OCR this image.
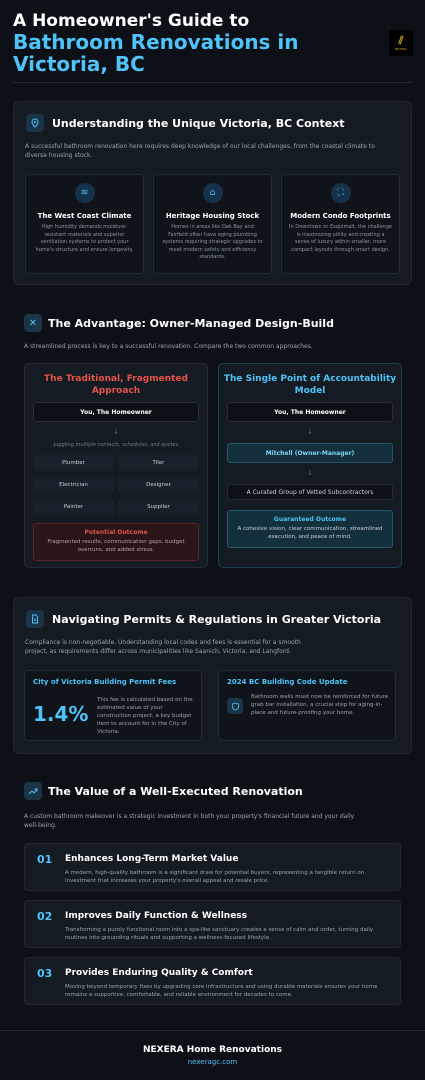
A Homeowner's Guide to
Bathroom Renovations in
Victoria, BC
⫽
NEXERA
Understanding the Unique Victoria, BC Context
A successful bathroom renovation here requires deep knowledge of our local challenges, from the coastal climate to diverse housing stock.
≋
The West Coast Climate
High humidity demands moisture-resistant materials and superior ventilation systems to protect your home's structure and ensure longevity.
⌂
Heritage Housing Stock
Homes in areas like Oak Bay and Fairfield often have aging plumbing systems requiring strategic upgrades to meet modern safety and efficiency standards.
⛶
Modern Condo Footprints
In Downtown or Esquimalt, the challenge is maximizing utility and creating a sense of luxury within smaller, more compact layouts through smart design.
✕ The Advantage: Owner-Managed Design-Build
A streamlined process is key to a successful renovation. Compare the two common approaches.
The Traditional, Fragmented
Approach
You, The Homeowner
↓
Juggling multiple contacts, schedules, and quotes
Plumber	Tiler
Electrician	Designer
Painter	Supplier
Potential Outcome
Fragmented results, communication gaps, budget overruns, and added stress.
The Single Point of Accountability
Model
You, The Homeowner
↓
Mitchell (Owner-Manager)
↓
A Curated Group of Vetted Subcontractors
Guaranteed Outcome
A cohesive vision, clear communication, streamlined execution, and peace of mind.
Navigating Permits & Regulations in Greater Victoria
Compliance is non-negotiable. Understanding local codes and fees is essential for a smooth project, as requirements differ across municipalities like Saanich, Victoria, and Langford.
City of Victoria Building Permit Fees
1.4%
This fee is calculated based on the estimated value of your construction project, a key budget item to account for in the City of Victoria.
2024 BC Building Code Update
Bathroom walls must now be reinforced for future grab bar installation, a crucial step for aging-in-place and future-proofing your home.
The Value of a Well-Executed Renovation
A custom bathroom makeover is a strategic investment in both your property's financial future and your daily well-being.
01 Enhances Long-Term Market Value
A modern, high-quality bathroom is a significant draw for potential buyers, representing a tangible return on investment that increases your property's overall appeal and resale price.
02 Improves Daily Function & Wellness
Transforming a purely functional room into a spa-like sanctuary creates a sense of calm and order, turning daily routines into grounding rituals and supporting a wellness-focused lifestyle.
03 Provides Enduring Quality & Comfort
Moving beyond temporary fixes by upgrading core infrastructure and using durable materials ensures your home remains a supportive, comfortable, and reliable environment for decades to come.
NEXERA Home Renovations
nexeragc.com
